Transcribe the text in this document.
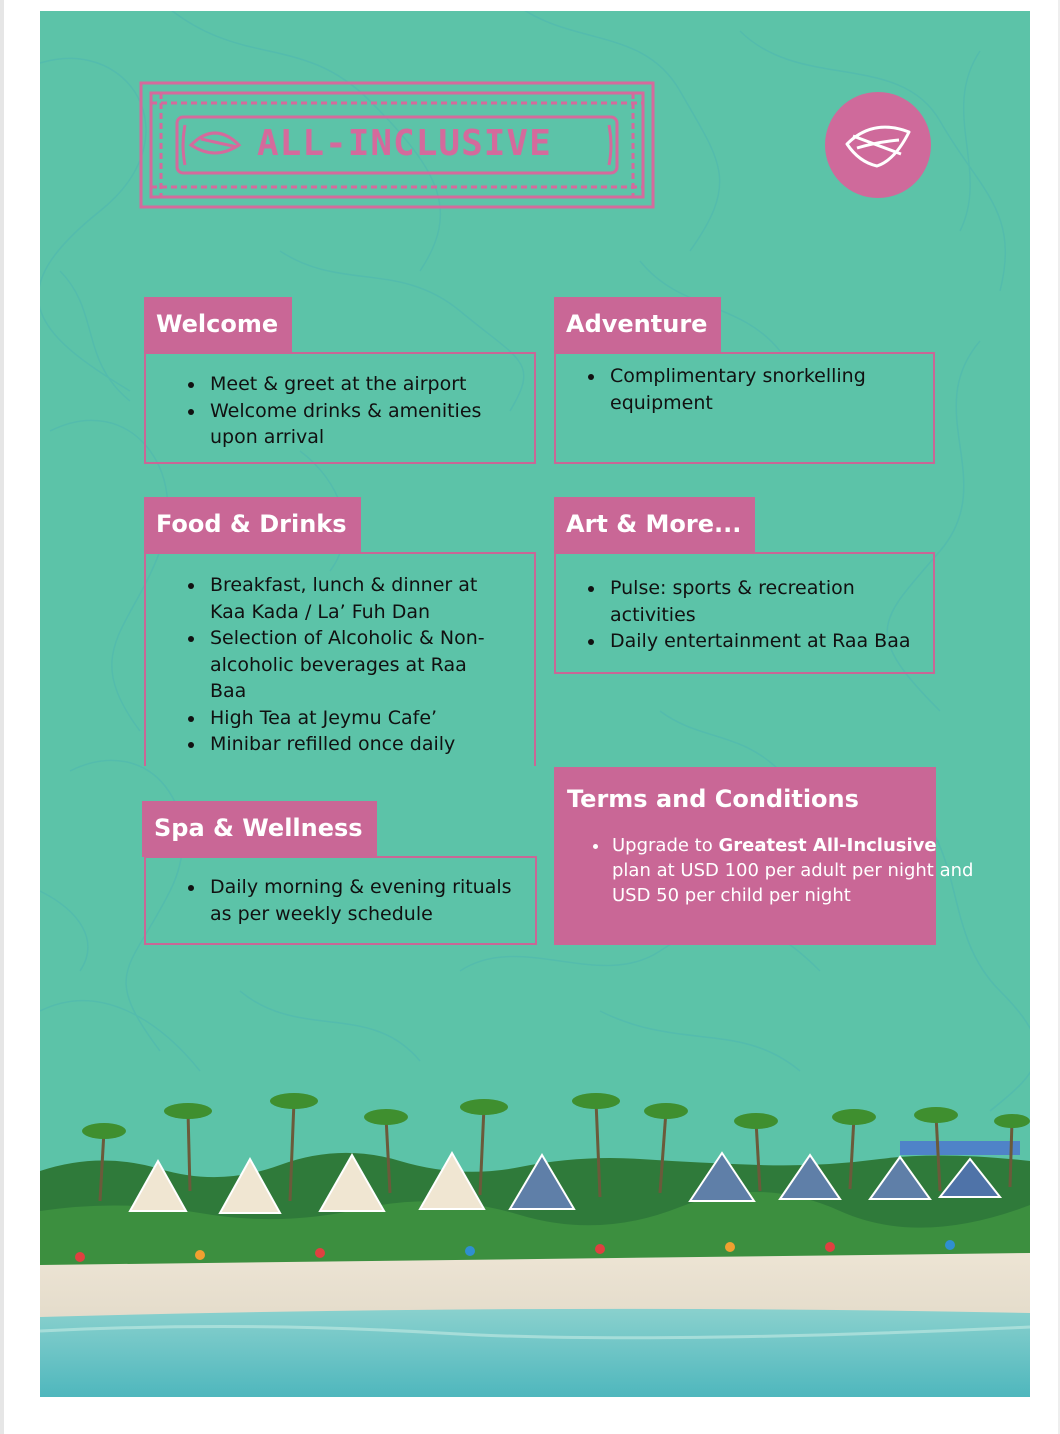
ALL-INCLUSIVE
Welcome
• Meet & greet at the airport
• Welcome drinks & amenities upon arrival
Adventure
• Complimentary snorkelling equipment
Food & Drinks
• Breakfast, lunch & dinner at Kaa Kada / La’ Fuh Dan
• Selection of Alcoholic & Non-alcoholic beverages at Raa Baa
• High Tea at Jeymu Cafe’
• Minibar refilled once daily
Art & More...
• Pulse: sports & recreation activities
• Daily entertainment at Raa Baa
Spa & Wellness
• Daily morning & evening rituals as per weekly schedule
Terms and Conditions
• Upgrade to Greatest All-Inclusive plan at USD 100 per adult per night and USD 50 per child per night
